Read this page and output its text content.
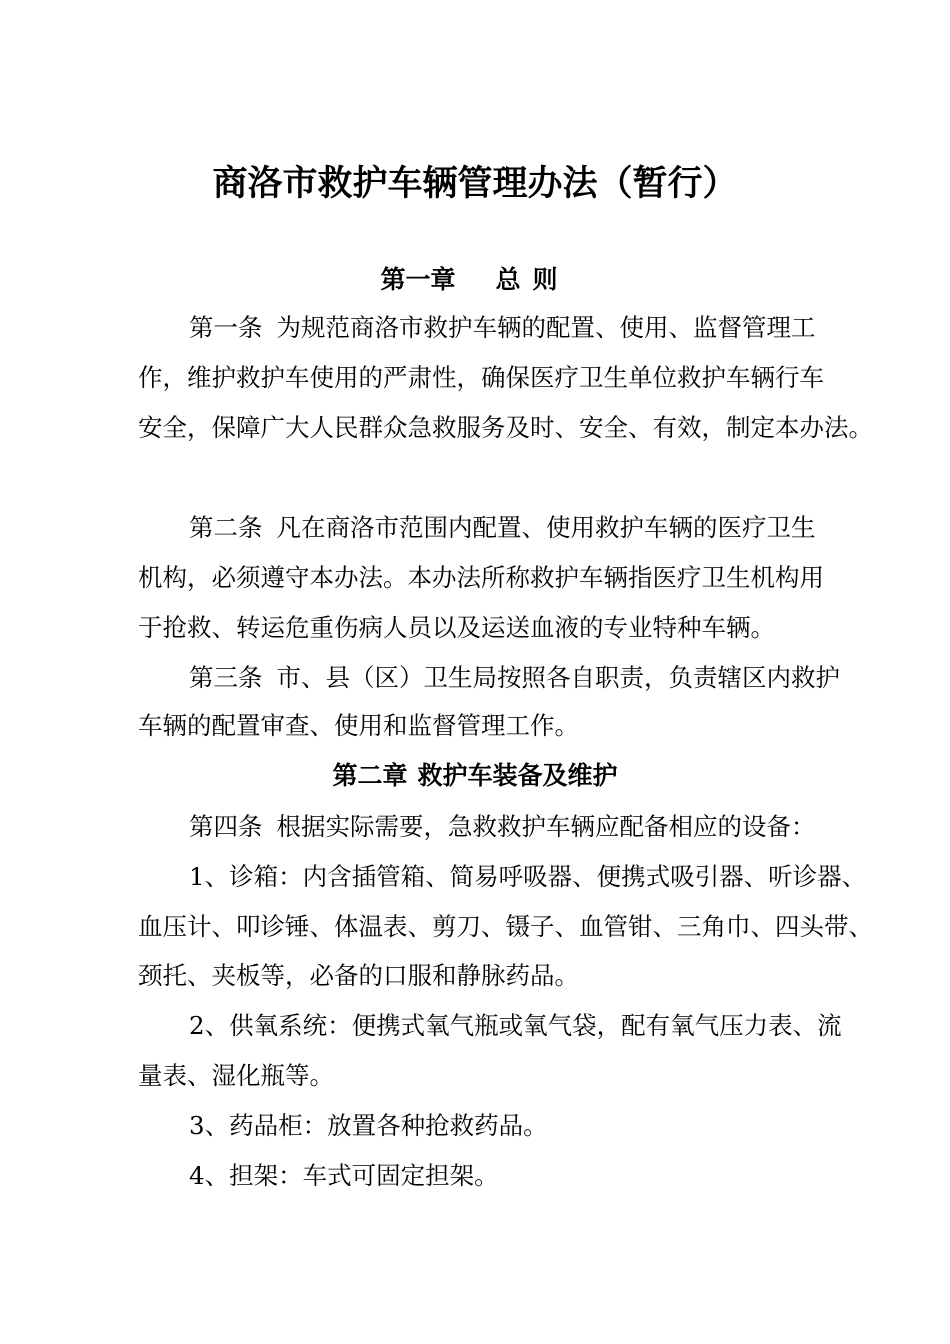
商洛市救护车辆管理办法（暂行）
第一章 总则
第一条 为规范商洛市救护车辆的配置、使用、监督管理工
作，维护救护车使用的严肃性，确保医疗卫生单位救护车辆行车
安全，保障广大人民群众急救服务及时、安全、有效，制定本办法。
第二条 凡在商洛市范围内配置、使用救护车辆的医疗卫生
机构，必须遵守本办法。本办法所称救护车辆指医疗卫生机构用
于抢救、转运危重伤病人员以及运送血液的专业特种车辆。
第三条 市、县（区）卫生局按照各自职责，负责辖区内救护
车辆的配置审查、使用和监督管理工作。
第二章 救护车装备及维护
第四条 根据实际需要，急救救护车辆应配备相应的设备：
1、诊箱：内含插管箱、简易呼吸器、便携式吸引器、听诊器、
血压计、叩诊锤、体温表、剪刀、镊子、血管钳、三角巾、四头带、
颈托、夹板等，必备的口服和静脉药品。
2、供氧系统：便携式氧气瓶或氧气袋，配有氧气压力表、流
量表、湿化瓶等。
3、药品柜：放置各种抢救药品。
4、担架：车式可固定担架。
